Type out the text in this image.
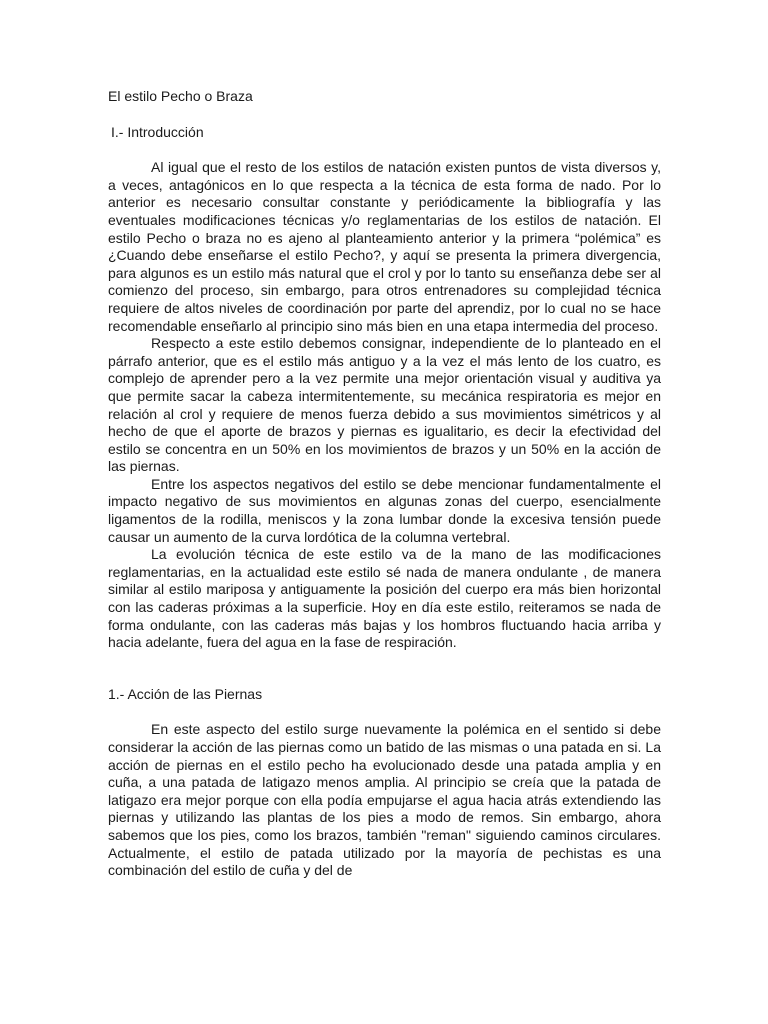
El estilo Pecho o Braza
I.- Introducción

Al igual que el resto de los estilos de natación existen puntos de vista diversos y, a veces, antagónicos en lo que respecta a la técnica de esta forma de nado. Por lo anterior es necesario consultar constante y periódicamente la bibliografía y las eventuales modificaciones técnicas y/o reglamentarias de los estilos de natación. El estilo Pecho o braza no es ajeno al planteamiento anterior y la primera “polémica” es ¿Cuando debe enseñarse el estilo Pecho?, y aquí se presenta la primera divergencia, para algunos es un estilo más natural que el crol y por lo tanto su enseñanza debe ser al comienzo del proceso, sin embargo, para otros entrenadores su complejidad técnica requiere de altos niveles de coordinación por parte del aprendiz, por lo cual no se hace recomendable enseñarlo al principio sino más bien en una etapa intermedia del proceso.

Respecto a este estilo debemos consignar, independiente de lo planteado en el párrafo anterior, que es el estilo más antiguo y a la vez el más lento de los cuatro, es complejo de aprender pero a la vez permite una mejor orientación visual y auditiva ya que permite sacar la cabeza intermitentemente, su mecánica respiratoria es mejor en relación al crol y requiere de menos fuerza debido a sus movimientos simétricos y al hecho de que el aporte de brazos y piernas es igualitario, es decir la efectividad del estilo se concentra en un 50% en los movimientos de brazos y un 50% en la acción de las piernas.

Entre los aspectos negativos del estilo se debe mencionar fundamentalmente el impacto negativo de sus movimientos en algunas zonas del cuerpo, esencialmente ligamentos de la rodilla, meniscos y la zona lumbar donde la excesiva tensión puede causar un aumento de la curva lordótica de la columna vertebral.

La evolución técnica de este estilo va de la mano de las modificaciones reglamentarias, en la actualidad este estilo sé nada de manera ondulante , de manera similar al estilo mariposa y antiguamente la posición del cuerpo era más bien horizontal con las caderas próximas a la superficie. Hoy en día este estilo, reiteramos se nada de forma ondulante, con las caderas más bajas y los hombros fluctuando hacia arriba y hacia adelante, fuera del agua en la fase de respiración.

1.- Acción de las Piernas

En este aspecto del estilo surge nuevamente la polémica en el sentido si debe considerar la acción de las piernas como un batido de las mismas o una patada en si. La acción de piernas en el estilo pecho ha evolucionado desde una patada amplia y en cuña, a una patada de latigazo menos amplia. Al principio se creía que la patada de latigazo era mejor porque con ella podía empujarse el agua hacia atrás extendiendo las piernas y utilizando las plantas de los pies a modo de remos. Sin embargo, ahora sabemos que los pies, como los brazos, también "reman" siguiendo caminos circulares. Actualmente, el estilo de patada utilizado por la mayoría de pechistas es una combinación del estilo de cuña y del de
